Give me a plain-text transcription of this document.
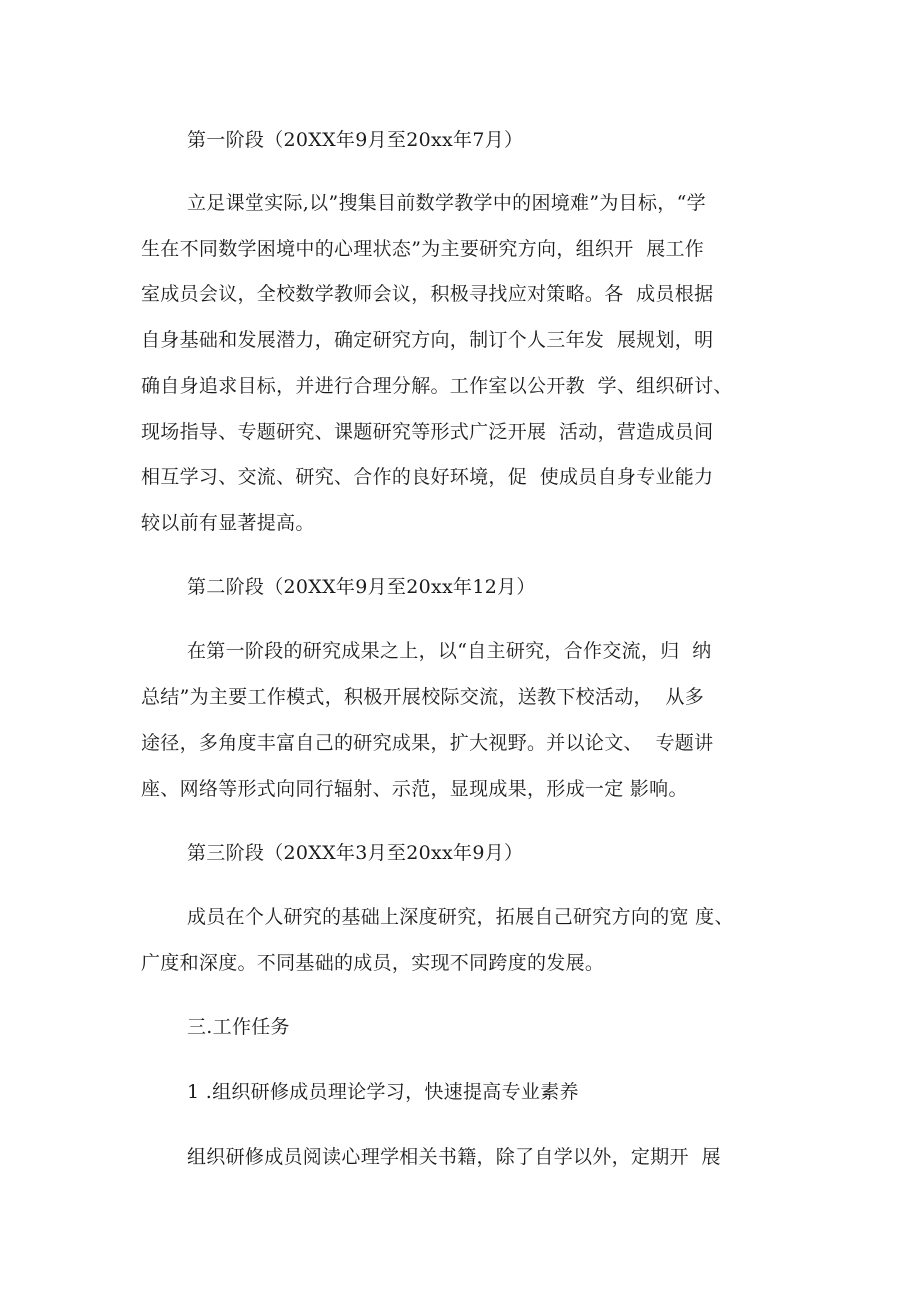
第一阶段（20XX年9月至20xx年7月）
立足课堂实际,以”搜集目前数学教学中的困境难”为目标，“学
生在不同数学困境中的心理状态”为主要研究方向，组织开  展工作
室成员会议，全校数学教师会议，积极寻找应对策略。各  成员根据
自身基础和发展潜力，确定研究方向，制订个人三年发  展规划，明
确自身追求目标，并进行合理分解。工作室以公开教  学、组织研讨、
现场指导、专题研究、课题研究等形式广泛开展  活动，营造成员间
相互学习、交流、研究、合作的良好环境，促  使成员自身专业能力
较以前有显著提高。
第二阶段（20XX年9月至20xx年12月）
在第一阶段的研究成果之上，以“自主研究，合作交流，归  纳
总结”为主要工作模式，积极开展校际交流，送教下校活动，  从多
途径，多角度丰富自己的研究成果，扩大视野。并以论文、  专题讲
座、网络等形式向同行辐射、示范，显现成果，形成一定 影响。
第三阶段（20XX年3月至20xx年9月）
成员在个人研究的基础上深度研究，拓展自己研究方向的宽 度、
广度和深度。不同基础的成员，实现不同跨度的发展。
三.工作任务
1 .组织研修成员理论学习，快速提高专业素养
组织研修成员阅读心理学相关书籍，除了自学以外，定期开  展
